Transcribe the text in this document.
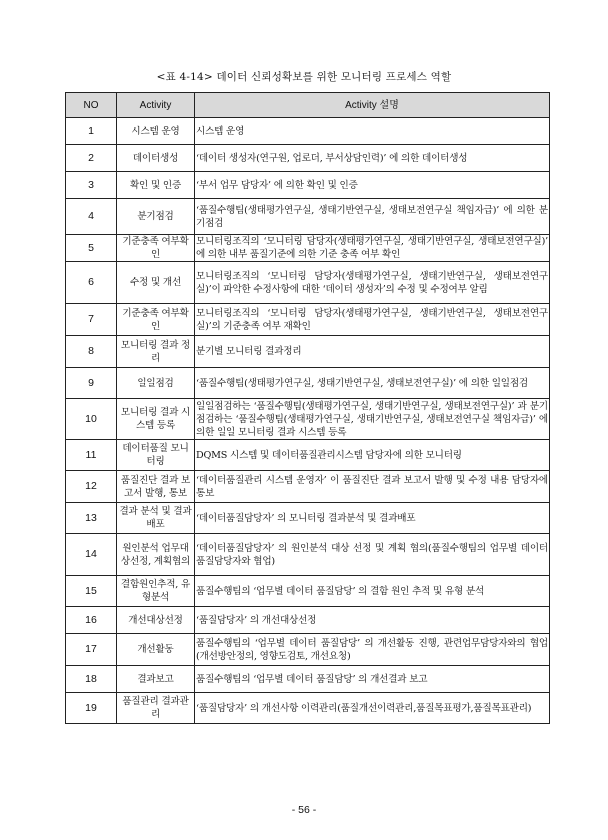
<표 4-14> 데이터 신뢰성확보를 위한 모니터링 프로세스 역할
NO	Activity	Activity 설명
1	시스템 운영	시스템 운영
2	데이터생성	‘데이터 생성자(연구원, 업로더, 부서상담인력)’ 에 의한 데이터생성
3	확인 및 인증	‘부서 업무 담당자’ 에 의한 확인 및 인증
4	분기점검	‘품질수행팀(생태평가연구실, 생태기반연구실, 생태보전연구실 책임자급)’ 에 의한 분기점검
5	기준충족 여부확인	모니터링조직의 ‘모니터링 담당자(생태평가연구실, 생태기반연구실, 생태보전연구실)’ 에 의한 내부 품질기준에 의한 기준 충족 여부 확인
6	수정 및 개선	모니터링조직의 ‘모니터링 담당자(생태평가연구실, 생태기반연구실, 생태보전연구실)’이 파악한 수정사항에 대한 ‘데이터 생성자’의 수정 및 수정여부 알림
7	기준충족 여부확인	모니터링조직의 ‘모니터링 담당자(생태평가연구실, 생태기반연구실, 생태보전연구실)’의 기준충족 여부 재확인
8	모니터링 결과 정리	분기별 모니터링 결과정리
9	일일점검	‘품질수행팀(생태평가연구실, 생태기반연구실, 생태보전연구실)’ 에 의한 일일점검
10	모니터링 결과 시스템 등록	일일점검하는 ‘품질수행팀(생태평가연구실, 생태기반연구실, 생태보전연구실)’ 과 분기점검하는 ‘품질수행팀(생태평가연구실, 생태기반연구실, 생태보전연구실 책임자급)’ 에 의한 일일 모니터링 결과 시스템 등록
11	데이터품질 모니터링	DQMS 시스템 및 데이터품질관리시스템 담당자에 의한 모니터링
12	품질진단 결과 보고서 발행, 통보	‘데이터품질관리 시스템 운영자’ 이 품질진단 결과 보고서 발행 및 수정 내용 담당자에 통보
13	결과 분석 및 결과배포	‘데이터품질담당자’ 의 모니터링 결과분석 및 결과배포
14	원인분석 업무대상선정, 계획협의	‘데이터품질담당자’ 의 원인분석 대상 선정 및 계획 협의(품질수행팀의 업무별 데이터 품질담당자와 협업)
15	결함원인추적, 유형분석	품질수행팀의 ‘업무별 데이터 품질담당’ 의 결함 원인 추적 및 유형 분석
16	개선대상선정	‘품질담당자’ 의 개선대상선정
17	개선활동	품질수행팀의 ‘업무별 데이터 품질담당’ 의 개선활동 진행, 관련업무담당자와의 협업(개선방안정의, 영향도검토, 개선요청)
18	결과보고	품질수행팀의 ‘업무별 데이터 품질담당’ 의 개선결과 보고
19	품질관리 결과관리	‘품질담당자’ 의 개선사항 이력관리(품질개선이력관리,품질목표평가,품질목표관리)
- 56 -
